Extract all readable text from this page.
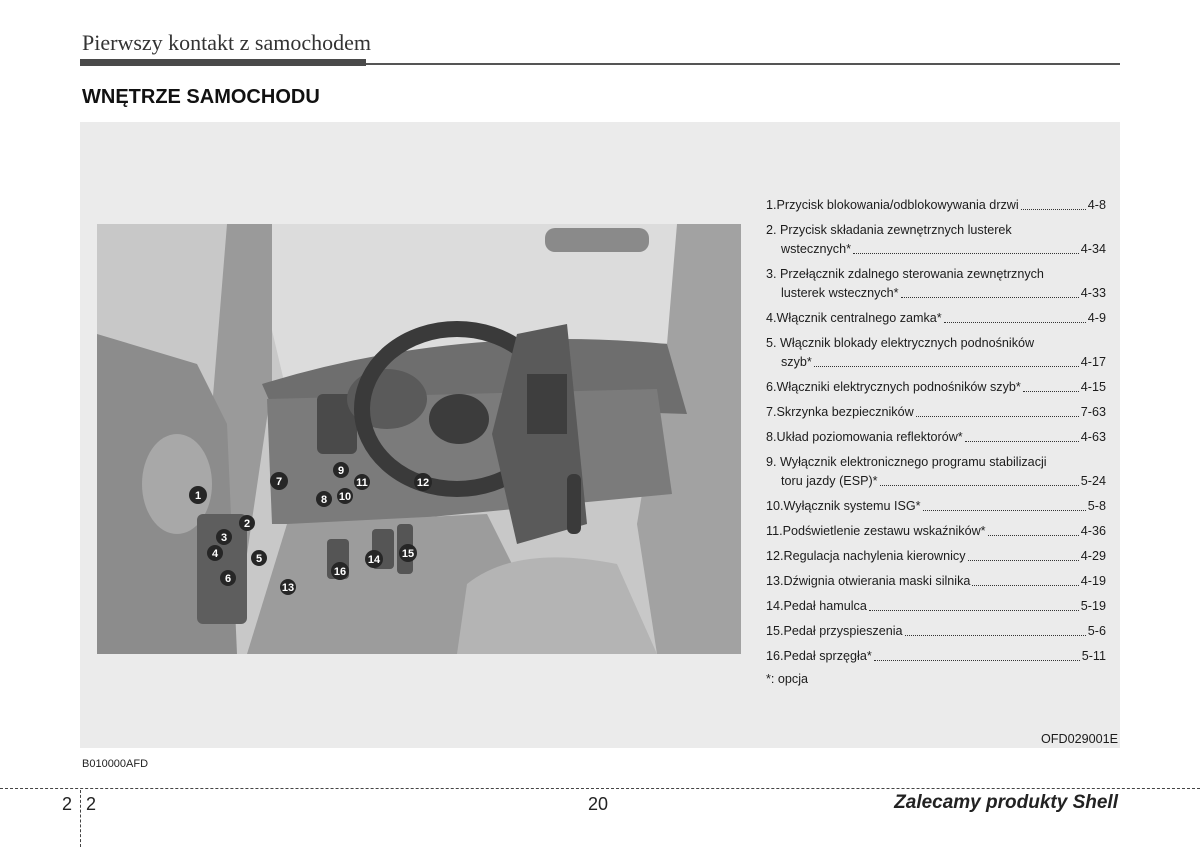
Pierwszy kontakt z samochodem
WNĘTRZE SAMOCHODU
1
2
3
4	5
6
7
8
9
10
11	12
13
14 15
16
1. Przycisk blokowania/odblokowywania drzwi	4-8
2. Przycisk składania zewnętrznych lusterek
wstecznych*	4-34
3. Przełącznik zdalnego sterowania zewnętrznych
lusterek wstecznych*	4-33
4. Włącznik centralnego zamka*	4-9
5. Włącznik blokady elektrycznych podnośników
szyb*	4-17
6. Włączniki elektrycznych podnośników szyb*	4-15
7. Skrzynka bezpieczników	7-63
8. Układ poziomowania reflektorów*	4-63
9. Wyłącznik elektronicznego programu stabilizacji
toru jazdy (ESP)*	5-24
10. Wyłącznik systemu ISG*	5-8
11. Podświetlenie zestawu wskaźników*	4-36
12. Regulacja nachylenia kierownicy	4-29
13. Dźwignia otwierania maski silnika	4-19
14. Pedał hamulca	5-19
15. Pedał przyspieszenia	5-6
16. Pedał sprzęgła*	5-11
*: opcja
OFD029001E
B010000AFD
2 2	20	Zalecamy produkty Shell
